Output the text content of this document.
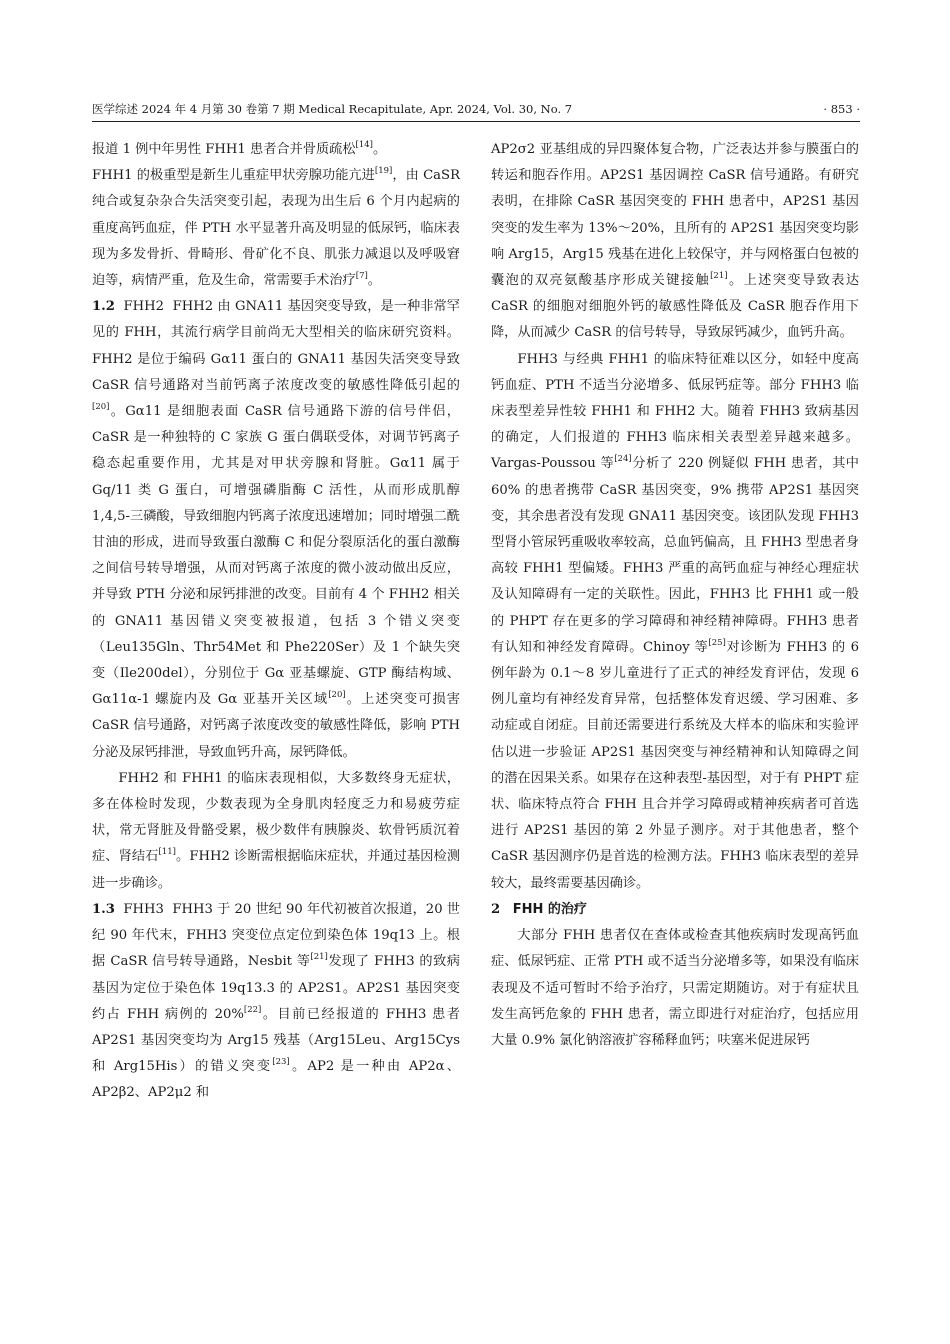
医学综述 2024 年 4 月第 30 卷第 7 期 Medical Recapitulate, Apr. 2024, Vol. 30, No. 7	· 853 ·

报道 1 例中年男性 FHH1 患者合并骨质疏松[14]。

FHH1 的极重型是新生儿重症甲状旁腺功能亢进[19]，由 CaSR 纯合或复杂杂合失活突变引起，表现为出生后 6 个月内起病的重度高钙血症，伴 PTH 水平显著升高及明显的低尿钙，临床表现为多发骨折、骨畸形、骨矿化不良、肌张力减退以及呼吸窘迫等，病情严重，危及生命，常需要手术治疗[7]。

1.2 FHH2 FHH2 由 GNA11 基因突变导致，是一种非常罕见的 FHH，其流行病学目前尚无大型相关的临床研究资料。FHH2 是位于编码 Gα11 蛋白的 GNA11 基因失活突变导致 CaSR 信号通路对当前钙离子浓度改变的敏感性降低引起的[20]。Gα11 是细胞表面 CaSR 信号通路下游的信号伴侣，CaSR 是一种独特的 C 家族 G 蛋白偶联受体，对调节钙离子稳态起重要作用，尤其是对甲状旁腺和肾脏。Gα11 属于 Gq/11 类 G 蛋白，可增强磷脂酶 C 活性，从而形成肌醇 1,4,5-三磷酸，导致细胞内钙离子浓度迅速增加；同时增强二酰甘油的形成，进而导致蛋白激酶 C 和促分裂原活化的蛋白激酶之间信号转导增强，从而对钙离子浓度的微小波动做出反应，并导致 PTH 分泌和尿钙排泄的改变。目前有 4 个 FHH2 相关的 GNA11 基因错义突变被报道，包括 3 个错义突变（Leu135Gln、Thr54Met 和 Phe220Ser）及 1 个缺失突变（Ile200del），分别位于 Gα 亚基螺旋、GTP 酶结构域、Gα11α-1 螺旋内及 Gα 亚基开关区域[20]。上述突变可损害 CaSR 信号通路，对钙离子浓度改变的敏感性降低，影响 PTH 分泌及尿钙排泄，导致血钙升高，尿钙降低。

FHH2 和 FHH1 的临床表现相似，大多数终身无症状，多在体检时发现，少数表现为全身肌肉轻度乏力和易疲劳症状，常无肾脏及骨骼受累，极少数伴有胰腺炎、软骨钙质沉着症、肾结石[11]。FHH2 诊断需根据临床症状，并通过基因检测进一步确诊。

1.3 FHH3 FHH3 于 20 世纪 90 年代初被首次报道，20 世纪 90 年代末，FHH3 突变位点定位到染色体 19q13 上。根据 CaSR 信号转导通路，Nesbit 等[21]发现了 FHH3 的致病基因为定位于染色体 19q13.3 的 AP2S1。AP2S1 基因突变约占 FHH 病例的 20%[22]。目前已经报道的 FHH3 患者 AP2S1 基因突变均为 Arg15 残基（Arg15Leu、Arg15Cys 和 Arg15His）的错义突变[23]。AP2 是一种由 AP2α、AP2β2、AP2μ2 和

AP2σ2 亚基组成的异四聚体复合物，广泛表达并参与膜蛋白的转运和胞吞作用。AP2S1 基因调控 CaSR 信号通路。有研究表明，在排除 CaSR 基因突变的 FHH 患者中，AP2S1 基因突变的发生率为 13%～20%，且所有的 AP2S1 基因突变均影响 Arg15，Arg15 残基在进化上较保守，并与网格蛋白包被的囊泡的双亮氨酸基序形成关键接触[21]。上述突变导致表达 CaSR 的细胞对细胞外钙的敏感性降低及 CaSR 胞吞作用下降，从而减少 CaSR 的信号转导，导致尿钙减少，血钙升高。

FHH3 与经典 FHH1 的临床特征难以区分，如轻中度高钙血症、PTH 不适当分泌增多、低尿钙症等。部分 FHH3 临床表型差异性较 FHH1 和 FHH2 大。随着 FHH3 致病基因的确定，人们报道的 FHH3 临床相关表型差异越来越多。Vargas-Poussou 等[24]分析了 220 例疑似 FHH 患者，其中 60% 的患者携带 CaSR 基因突变，9% 携带 AP2S1 基因突变，其余患者没有发现 GNA11 基因突变。该团队发现 FHH3 型肾小管尿钙重吸收率较高，总血钙偏高，且 FHH3 型患者身高较 FHH1 型偏矮。FHH3 严重的高钙血症与神经心理症状及认知障碍有一定的关联性。因此，FHH3 比 FHH1 或一般的 PHPT 存在更多的学习障碍和神经精神障碍。FHH3 患者有认知和神经发育障碍。Chinoy 等[25]对诊断为 FHH3 的 6 例年龄为 0.1～8 岁儿童进行了正式的神经发育评估，发现 6 例儿童均有神经发育异常，包括整体发育迟缓、学习困难、多动症或自闭症。目前还需要进行系统及大样本的临床和实验评估以进一步验证 AP2S1 基因突变与神经精神和认知障碍之间的潜在因果关系。如果存在这种表型-基因型，对于有 PHPT 症状、临床特点符合 FHH 且合并学习障碍或精神疾病者可首选进行 AP2S1 基因的第 2 外显子测序。对于其他患者，整个 CaSR 基因测序仍是首选的检测方法。FHH3 临床表型的差异较大，最终需要基因确诊。

2 FHH 的治疗

大部分 FHH 患者仅在查体或检查其他疾病时发现高钙血症、低尿钙症、正常 PTH 或不适当分泌增多等，如果没有临床表现及不适可暂时不给予治疗，只需定期随访。对于有症状且发生高钙危象的 FHH 患者，需立即进行对症治疗，包括应用大量 0.9% 氯化钠溶液扩容稀释血钙；呋塞米促进尿钙
